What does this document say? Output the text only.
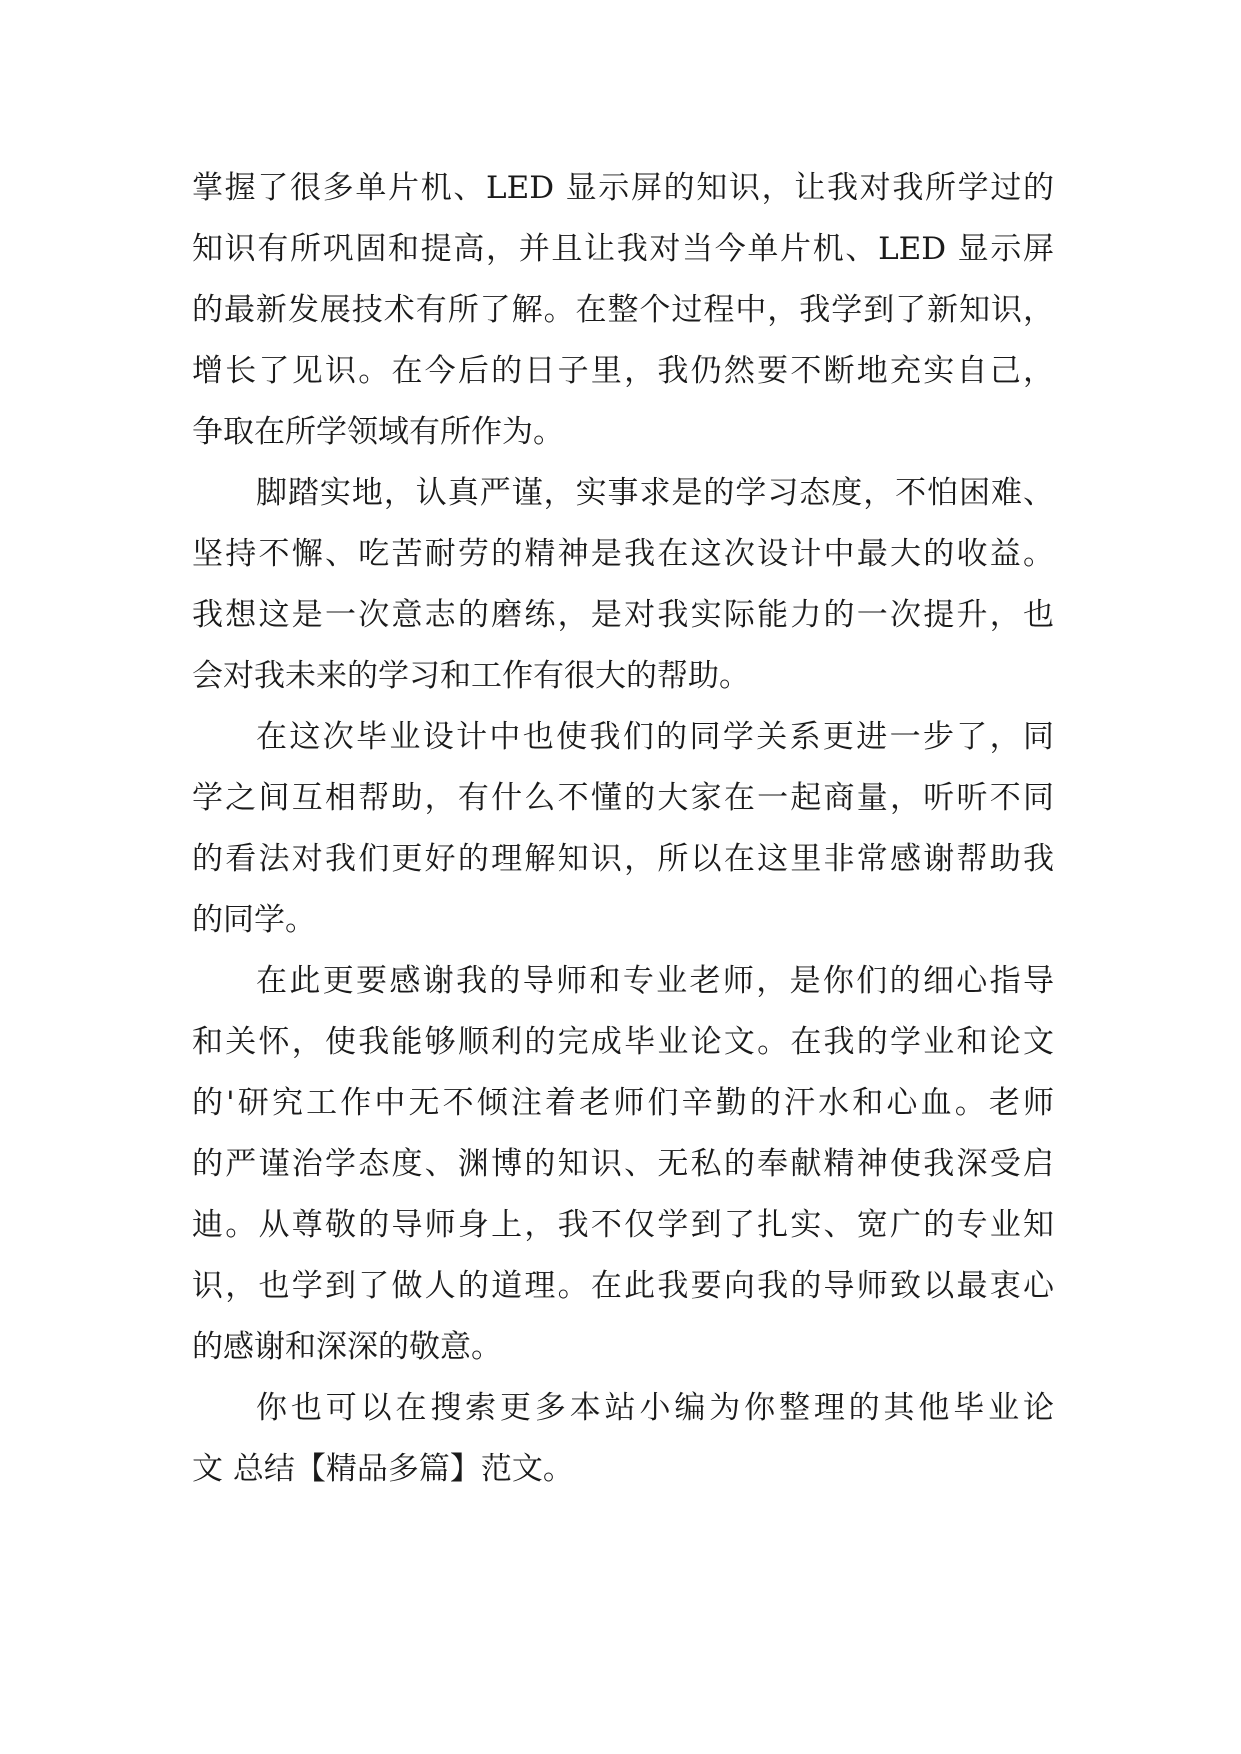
掌握了很多单片机、LED 显示屏的知识，让我对我所学过的
知识有所巩固和提高，并且让我对当今单片机、LED 显示屏
的最新发展技术有所了解。在整个过程中，我学到了新知识，
增长了见识。在今后的日子里，我仍然要不断地充实自己，
争取在所学领域有所作为。
脚踏实地，认真严谨，实事求是的学习态度，不怕困难、
坚持不懈、吃苦耐劳的精神是我在这次设计中最大的收益。
我想这是一次意志的磨练，是对我实际能力的一次提升，也
会对我未来的学习和工作有很大的帮助。
在这次毕业设计中也使我们的同学关系更进一步了，同
学之间互相帮助，有什么不懂的大家在一起商量，听听不同
的看法对我们更好的理解知识，所以在这里非常感谢帮助我
的同学。
在此更要感谢我的导师和专业老师，是你们的细心指导
和关怀，使我能够顺利的完成毕业论文。在我的学业和论文
的'研究工作中无不倾注着老师们辛勤的汗水和心血。老师
的严谨治学态度、渊博的知识、无私的奉献精神使我深受启
迪。从尊敬的导师身上，我不仅学到了扎实、宽广的专业知
识，也学到了做人的道理。在此我要向我的导师致以最衷心
的感谢和深深的敬意。
你也可以在搜索更多本站小编为你整理的其他毕业论
文 总结【精品多篇】范文。
